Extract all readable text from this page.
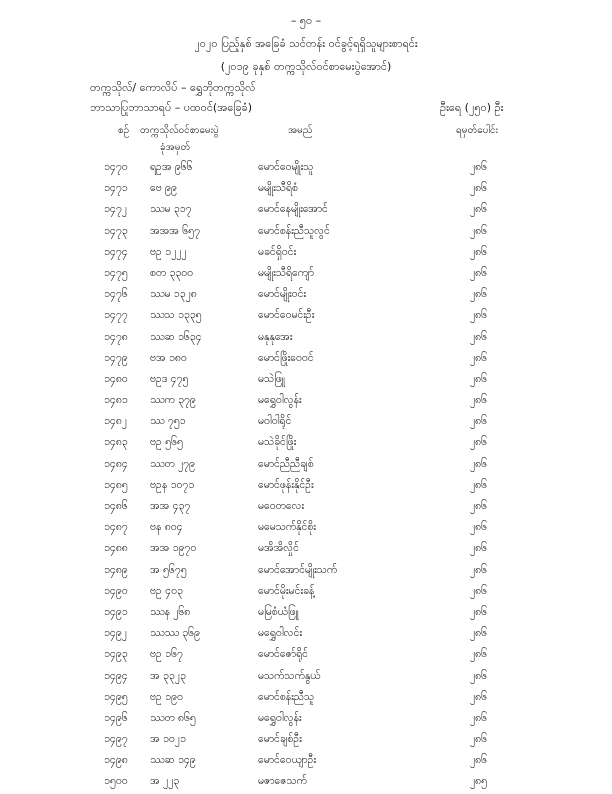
– ၅၀ –
၂၀၂၀ ပြည့်နှစ် အခြေခံ သင်တန်း ဝင်ခွင့်ရရှိသူများစာရင်း
(၂၀၁၉ ခုနှစ် တက္ကသိုလ်ဝင်စာမေးပွဲအောင်)
တက္ကသိုလ်/ ကောလိပ် – ရွှေဘိုတက္ကသိုလ်
ဘာသာပြုဘာသာရပ် – ပထဝင်(အခြေခံ)	ဦးရေ (၂၅၀) ဦး
စဉ် တက္ကသိုလ်ဝင်စာမေးပွဲ
ခုံအမှတ်
အမည်	ရမှတ်ပေါင်း
၁၄၇၀ ရဥအ ၉၆၆	မောင်ဝေမျိုးသူ	၂၈၆
၁၄၇၁ ဗေ ၉၉	မမျိုးသီရိစံ	၂၈၆
၁၄၇၂ ဿမ ၃၁၇	မောင်နေမျိုးအောင်	၂၈၆
၁၄၇၃ အအအ ၆၅၇	မောင်စန်းညီသူလွင်	၂၈၆
၁၄၇၄ ဗဥ ၁၂၂၂	မခင်ရှိဝင်း	၂၈၆
၁၄၇၅ စတ ၃၃၀၀	မမျိုးသီရိကျော်	၂၈၆
၁၄၇၆ ဿမ ၁၃၂၈	မောင်မျိုးဝင်း	၂၈၆
၁၄၇၇ ဿသ ၁၃၃၅	မောင်ဝေမင်းဦး	၂၈၆
၁၄၇၈ ဿဆ ၁၆၃၄	မနုနုအေး	၂၈၆
၁၄၇၉ ဗအ ၁၈၀	မောင်ဖြိုးဝေဝင်	၂၈၆
၁၄၈၀ ဗဥဒ ၄၇၅	မသဲဖြူ	၂၈၆
၁၄၈၁ ဿက ၃၇၉	မရွှေဝါလွန်း	၂၈၆
၁၄၈၂ ဿ ၇၅၁	မဝါဝါရိုင်	၂၈၆
၁၄၈၃ ဗဥ ၅၆၅	မသဲခိုင်ဖြိုး	၂၈၆
၁၄၈၄ ဿတ ၂၇၉	မောင်ညီညီချစ်	၂၈၆
၁၄၈၅ ဗဥန ၁၀၇၁	မောင်ဖုန်းနိုင်ဦး	၂၈၆
၁၄၈၆ အအ ၄၃၇	မဝေတလေး	၂၈၆
၁၄၈၇ ဗန ၈၀၄	မမေသက်နိုင်စိုး	၂၈၆
၁၄၈၈ အအ ၁၉၇၀	မအိအိလှိုင်	၂၈၆
၁၄၈၉ အ ၅၆၇၅	မောင်အောင်မျိုးသက်	၂၈၆
၁၄၉၀ ဗဥ ၄၀၃	မောင်မိုးမင်းခန့်	၂၈၆
၁၄၉၁ ဿန ၂၆၈	မမြစံယံဖြူ	၂၈၆
၁၄၉၂ ဿဿ ၃၆၉	မရွှေဝါလင်း	၂၈၆
၁၄၉၃ ဗဥ ၁၆၇	မောင်ဇော်ရိုင်	၂၈၆
၁၄၉၄ အ ၃၃၂၃	မသက်သက်နွယ်	၂၈၆
၁၄၉၅ ဗဥ ၁၉၀	မောင်စန်းညီသူ	၂၈၆
၁၄၉၆ ဿတ ၈၆၅	မရွှေဝါလွန်း	၂၈၆
၁၄၉၇ အ ၁၀၂၁	မောင်ချစ်ဦး	၂၈၆
၁၄၉၈ ဿဆ ၁၄၉	မောင်ဝေယျာဦး	၂၈၆
၁၅၀၀ အ ၂၂၃	မဇာဇေသက်	၂၈၅
